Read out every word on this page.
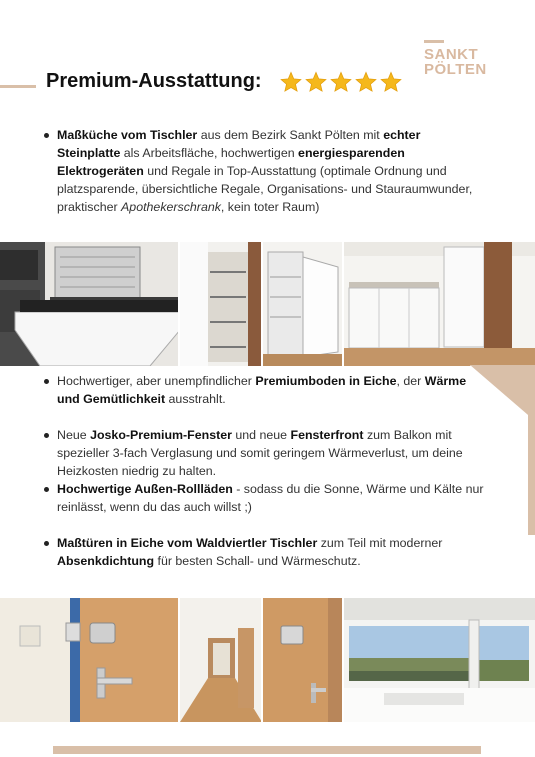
SANKT
PÖLTEN
Premium-Ausstattung:
Maßküche vom Tischler aus dem Bezirk Sankt Pölten mit echter Steinplatte als Arbeitsfläche, hochwertigen energiesparenden Elektrogeräten und Regale in Top-Ausstattung (optimale Ordnung und platzsparende, übersichtliche Regale, Organisations- und Stauraumwunder, praktischer Apothekerschrank, kein toter Raum)
Hochwertiger, aber unempfindlicher Premiumboden in Eiche, der Wärme und Gemütlichkeit ausstrahlt.
Neue Josko-Premium-Fenster und neue Fensterfront zum Balkon mit spezieller 3-fach Verglasung und somit geringem Wärmeverlust, um deine Heizkosten niedrig zu halten.
Hochwertige Außen-Rollläden - sodass du die Sonne, Wärme und Kälte nur reinlässt, wenn du das auch willst ;)
Maßtüren in Eiche vom Waldviertler Tischler zum Teil mit moderner Absenkdichtung für besten Schall- und Wärmeschutz.
